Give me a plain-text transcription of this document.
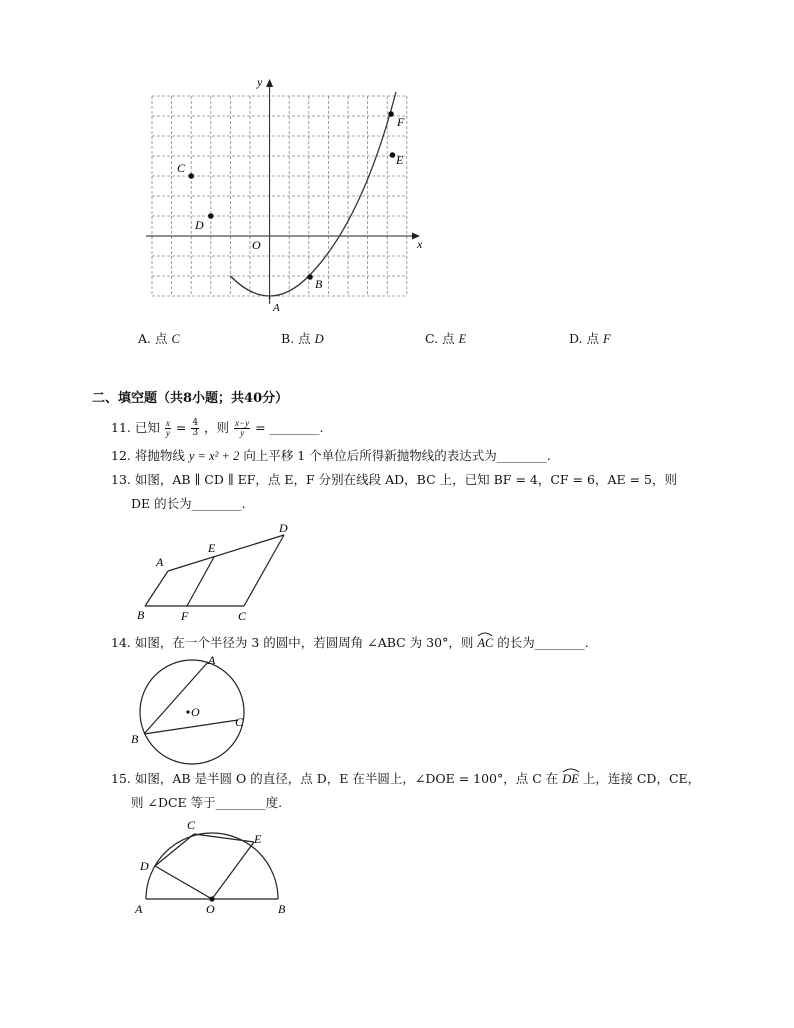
x
y
O
C
D
B
E
F
A
A. 点 C	B. 点 D	C. 点 E	D. 点 F
二、填空题（共8小题；共40分）
11. 已知 $\frac{x}{y} = \frac{4}{3}$ ，则 $\frac{x-y}{y}$ = ________.
12. 将抛物线 y = x² + 2 向上平移 1 个单位后所得新抛物线的表达式为________.
13. 如图，AB ∥ CD ∥ EF，点 E，F 分别在线段 AD，BC 上，已知 BF = 4，CF = 6，AE = 5，则
DE 的长为________.
A
E
D
B	F	C
14. 如图，在一个半径为 3 的圆中，若圆周角 ∠ABC 为 30°，则 AC
的长为________.
O
A
B
C
15. 如图，AB 是半圆 O 的直径，点 D，E 在半圆上，∠DOE = 100°，点 C 在 DE
上，连接 CD，CE，
则 ∠DCE 等于________度.
C
E
D
A	O	B
